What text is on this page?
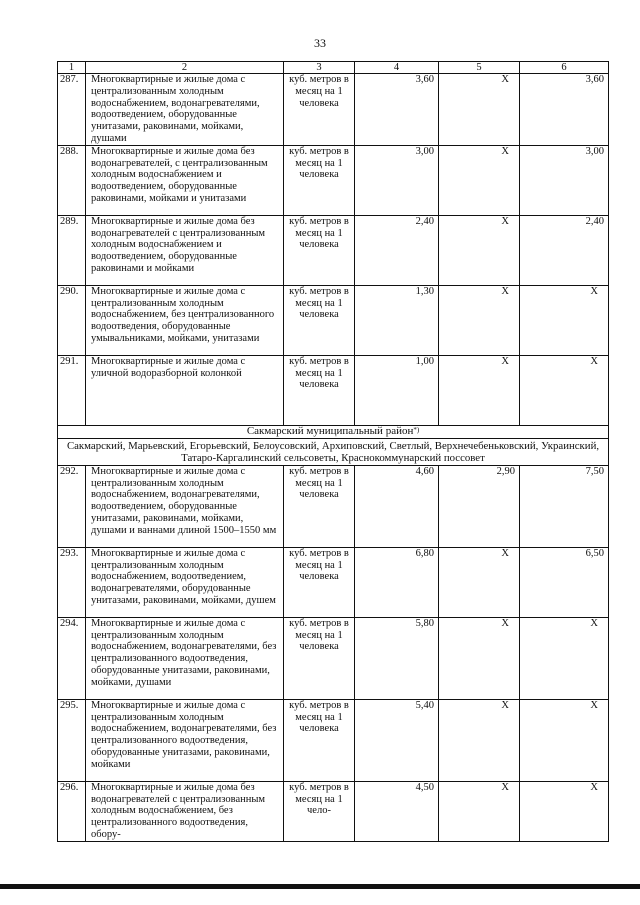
33
1	2	3	4	5	6
287.	Многоквартирные и жилые дома с централизованным холодным водоснабжением, водонагревателями, водоотведением, оборудованные унитазами, раковинами, мойками, душами	куб. метров в месяц на 1 человека	3,60	X	3,60
288.	Многоквартирные и жилые дома без водонагревателей, с централизованным холодным водоснабжением и водоотведением, оборудованные раковинами, мойками и унитазами	куб. метров в месяц на 1 человека	3,00	X	3,00
289.	Многоквартирные и жилые дома без водонагревателей с централизованным холодным водоснабжением и водоотведением, оборудованные раковинами и мойками	куб. метров в месяц на 1 человека	2,40	X	2,40
290.	Многоквартирные и жилые дома с централизованным холодным водоснабжением, без централизованного водоотведения, оборудованные умывальниками, мойками, унитазами	куб. метров в месяц на 1 человека	1,30	X	X
291.	Многоквартирные и жилые дома с уличной водоразборной колонкой	куб. метров в месяц на 1 человека	1,00	X	X
Сакмарский муниципальный район*)
Сакмарский, Марьевский, Егорьевский, Белоусовский, Архиповский, Светлый, Верхнечебеньковский, Украинский, Татаро-Каргалинский сельсоветы, Краснокоммунарский поссовет					
292.	Многоквартирные и жилые дома с централизованным холодным водоснабжением, водонагревателями, водоотведением, оборудованные унитазами, раковинами, мойками, душами и ваннами длиной 1500–1550 мм	куб. метров в месяц на 1 человека	4,60	2,90	7,50
293.	Многоквартирные и жилые дома с централизованным холодным водоснабжением, водоотведением, водонагревателями, оборудованные унитазами, раковинами, мойками, душем	куб. метров в месяц на 1 человека	6,80	X	6,50
294.	Многоквартирные и жилые дома с централизованным холодным водоснабжением, водонагревателями, без централизованного водоотведения, оборудованные унитазами, раковинами, мойками, душами	куб. метров в месяц на 1 человека	5,80	X	X
295.	Многоквартирные и жилые дома с централизованным холодным водоснабжением, водонагревателями, без централизованного водоотведения, оборудованные унитазами, раковинами, мойками	куб. метров в месяц на 1 человека	5,40	X	X
296.	Многоквартирные и жилые дома без водонагревателей с централизованным холодным водоснабжением, без централизованного водоотведения, обору-	куб. метров в месяц на 1 чело-	4,50	X	X
